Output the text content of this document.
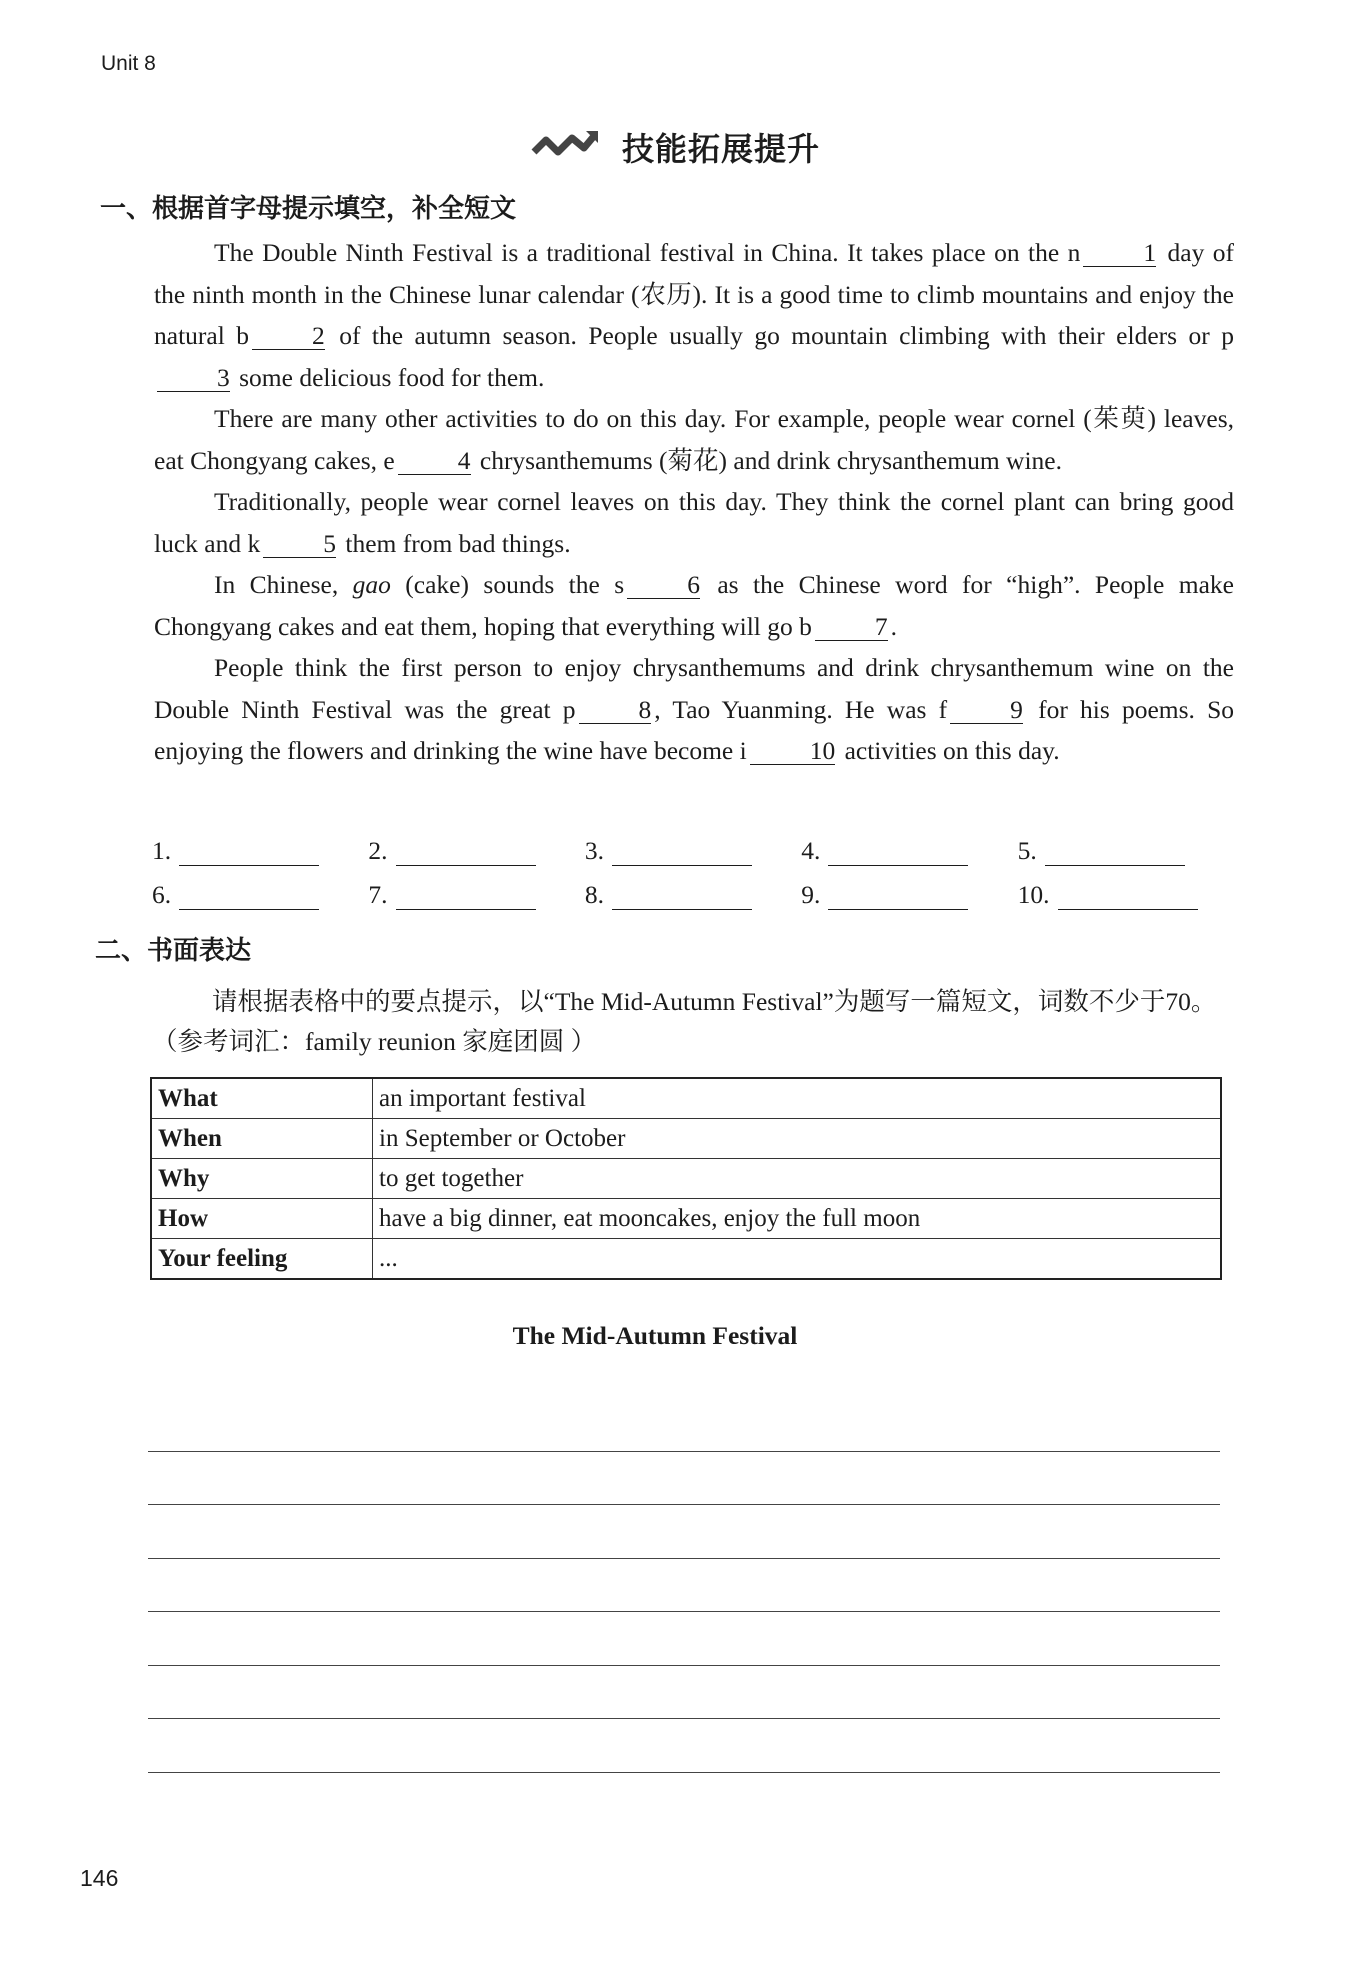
Unit 8
技能拓展提升
一、根据首字母提示填空，补全短文

The Double Ninth Festival is a traditional festival in China. It takes place on the n 1 day of the ninth month in the Chinese lunar calendar (农历). It is a good time to climb mountains and enjoy the natural b 2 of the autumn season. People usually go mountain climbing with their elders or p3 some delicious food for them.

There are many other activities to do on this day. For example, people wear cornel (茱萸) leaves, eat Chongyang cakes, e 4 chrysanthemums (菊花) and drink chrysanthemum wine.

Traditionally, people wear cornel leaves on this day. They think the cornel plant can bring good luck and k 5 them from bad things.

In Chinese, gao (cake) sounds the s 6 as the Chinese word for “high”. People make Chongyang cakes and eat them, hoping that everything will go b 7 .

People think the first person to enjoy chrysanthemums and drink chrysanthemum wine on the Double Ninth Festival was the great p 8 , Tao Yuanming. He was f 9 for his poems. So enjoying the flowers and drinking the wine have become i 10 activities on this day.

1.	2.	3.	4.	5.
6.	7.	8.	9.	10.
二、书面表达

请根据表格中的要点提示，以“The Mid-Autumn Festival”为题写一篇短文，词数不少于70。（参考词汇：family reunion 家庭团圆 ）

What	an important festival
When	in September or October
Why	to get together
How	have a big dinner, eat mooncakes, enjoy the full moon
Your feeling	...
The Mid-Autumn Festival
146
